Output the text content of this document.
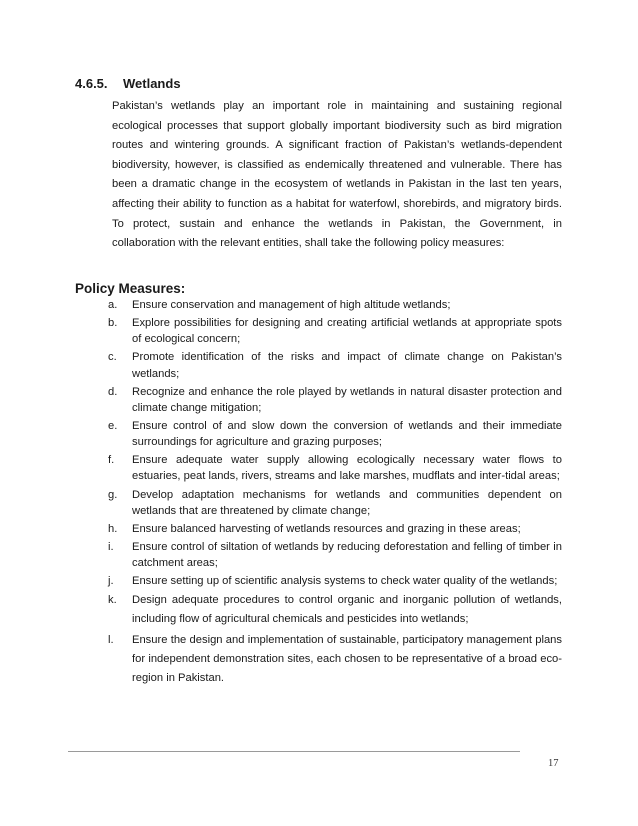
4.6.5. Wetlands

Pakistan’s wetlands play an important role in maintaining and sustaining regional ecological processes that support globally important biodiversity such as bird migration routes and wintering grounds. A significant fraction of Pakistan’s wetlands-dependent biodiversity, however, is classified as endemically threatened and vulnerable. There has been a dramatic change in the ecosystem of wetlands in Pakistan in the last ten years, affecting their ability to function as a habitat for waterfowl, shorebirds, and migratory birds. To protect, sustain and enhance the wetlands in Pakistan, the Government, in collaboration with the relevant entities, shall take the following policy measures:

Policy Measures:
a. Ensure conservation and management of high altitude wetlands;
b. Explore possibilities for designing and creating artificial wetlands at appropriate spots of ecological concern;
c. Promote identification of the risks and impact of climate change on Pakistan’s wetlands;
d. Recognize and enhance the role played by wetlands in natural disaster protection and climate change mitigation;
e. Ensure control of and slow down the conversion of wetlands and their immediate surroundings for agriculture and grazing purposes;
f. Ensure adequate water supply allowing ecologically necessary water flows to estuaries, peat lands, rivers, streams and lake marshes, mudflats and inter-tidal areas;
g. Develop adaptation mechanisms for wetlands and communities dependent on wetlands that are threatened by climate change;
h. Ensure balanced harvesting of wetlands resources and grazing in these areas;
i. Ensure control of siltation of wetlands by reducing deforestation and felling of timber in catchment areas;
j. Ensure setting up of scientific analysis systems to check water quality of the wetlands;
k. Design adequate procedures to control organic and inorganic pollution of wetlands, including flow of agricultural chemicals and pesticides into wetlands;
l. Ensure the design and implementation of sustainable, participatory management plans for independent demonstration sites, each chosen to be representative of a broad eco-region in Pakistan.
17
